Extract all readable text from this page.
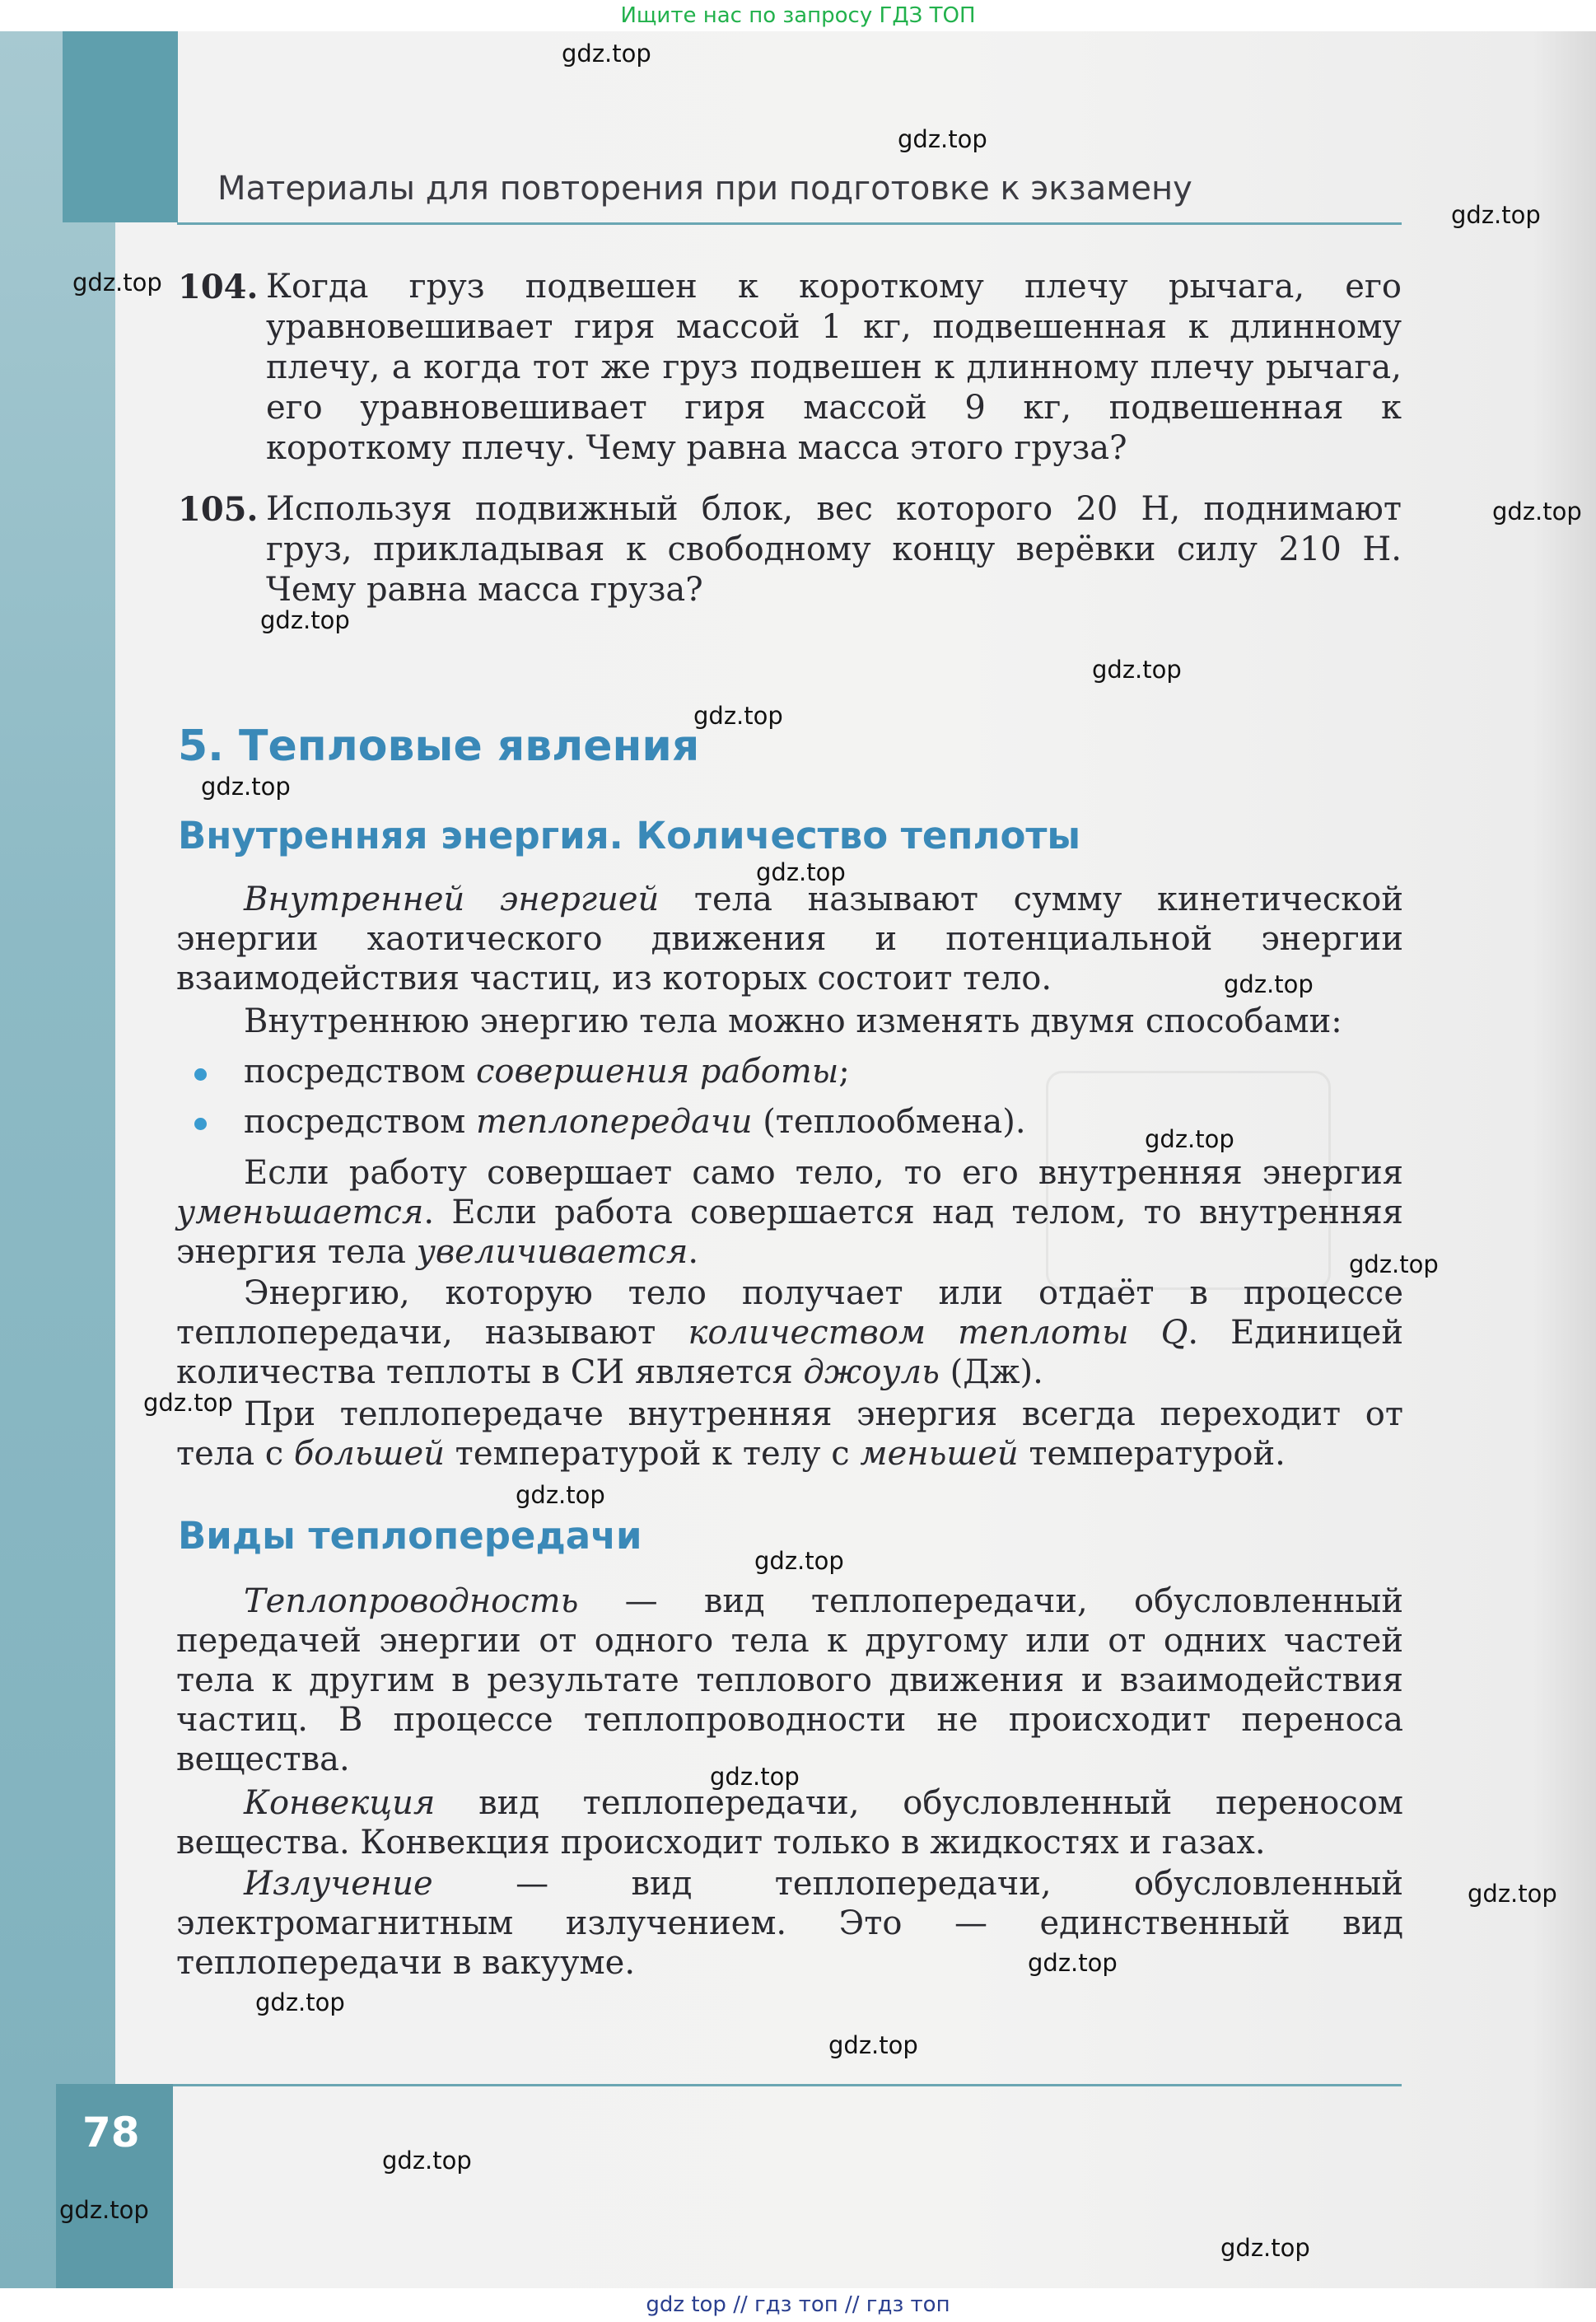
Ищите нас по запросу ГДЗ ТОП
Материалы для повторения при подготовке к экзамену
104. Когда груз подвешен к короткому плечу рычага, его уравновешивает гиря массой 1 кг, подвешенная к длинному плечу, а когда тот же груз подвешен к длинному плечу рычага, его уравновешивает гиря массой 9 кг, подвешенная к короткому плечу. Чему равна масса этого груза?
105. Используя подвижный блок, вес которого 20 Н, поднимают груз, прикладывая к свободному концу верёвки силу 210 Н. Чему равна масса груза?
5. Тепловые явления
Внутренняя энергия. Количество теплоты
Внутренней энергией тела называют сумму кинетической энергии хаотического движения и потенциальной энергии взаимодействия частиц, из которых состоит тело.
Внутреннюю энергию тела можно изменять двумя способами:
посредством совершения работы;
посредством теплопередачи (теплообмена).
Если работу совершает само тело, то его внутренняя энергия уменьшается. Если работа совершается над телом, то внутренняя энергия тела увеличивается.
Энергию, которую тело получает или отдаёт в процессе теплопередачи, называют количеством теплоты Q. Единицей количества теплоты в СИ является джоуль (Дж).
При теплопередаче внутренняя энергия всегда переходит от тела с большей температурой к телу с меньшей температурой.
Виды теплопередачи
Теплопроводность — вид теплопередачи, обусловленный передачей энергии от одного тела к другому или от одних частей тела к другим в результате теплового движения и взаимодействия частиц. В процессе теплопроводности не происходит переноса вещества.
Конвекция вид теплопередачи, обусловленный переносом вещества. Конвекция происходит только в жидкостях и газах.
Излучение — вид теплопередачи, обусловленный электромагнитным излучением. Это — единственный вид теплопередачи в вакууме.
78
gdz.top
gdz.top
gdz.top
gdz.top
gdz.top
gdz.top
gdz.top
gdz.top
gdz.top
gdz.top
gdz.top
gdz.top
gdz.top
gdz.top
gdz.top
gdz.top
gdz.top
gdz.top
gdz.top
gdz.top
gdz.top
gdz.top
gdz.top
gdz.top
gdz top // гдз топ // гдз топ
